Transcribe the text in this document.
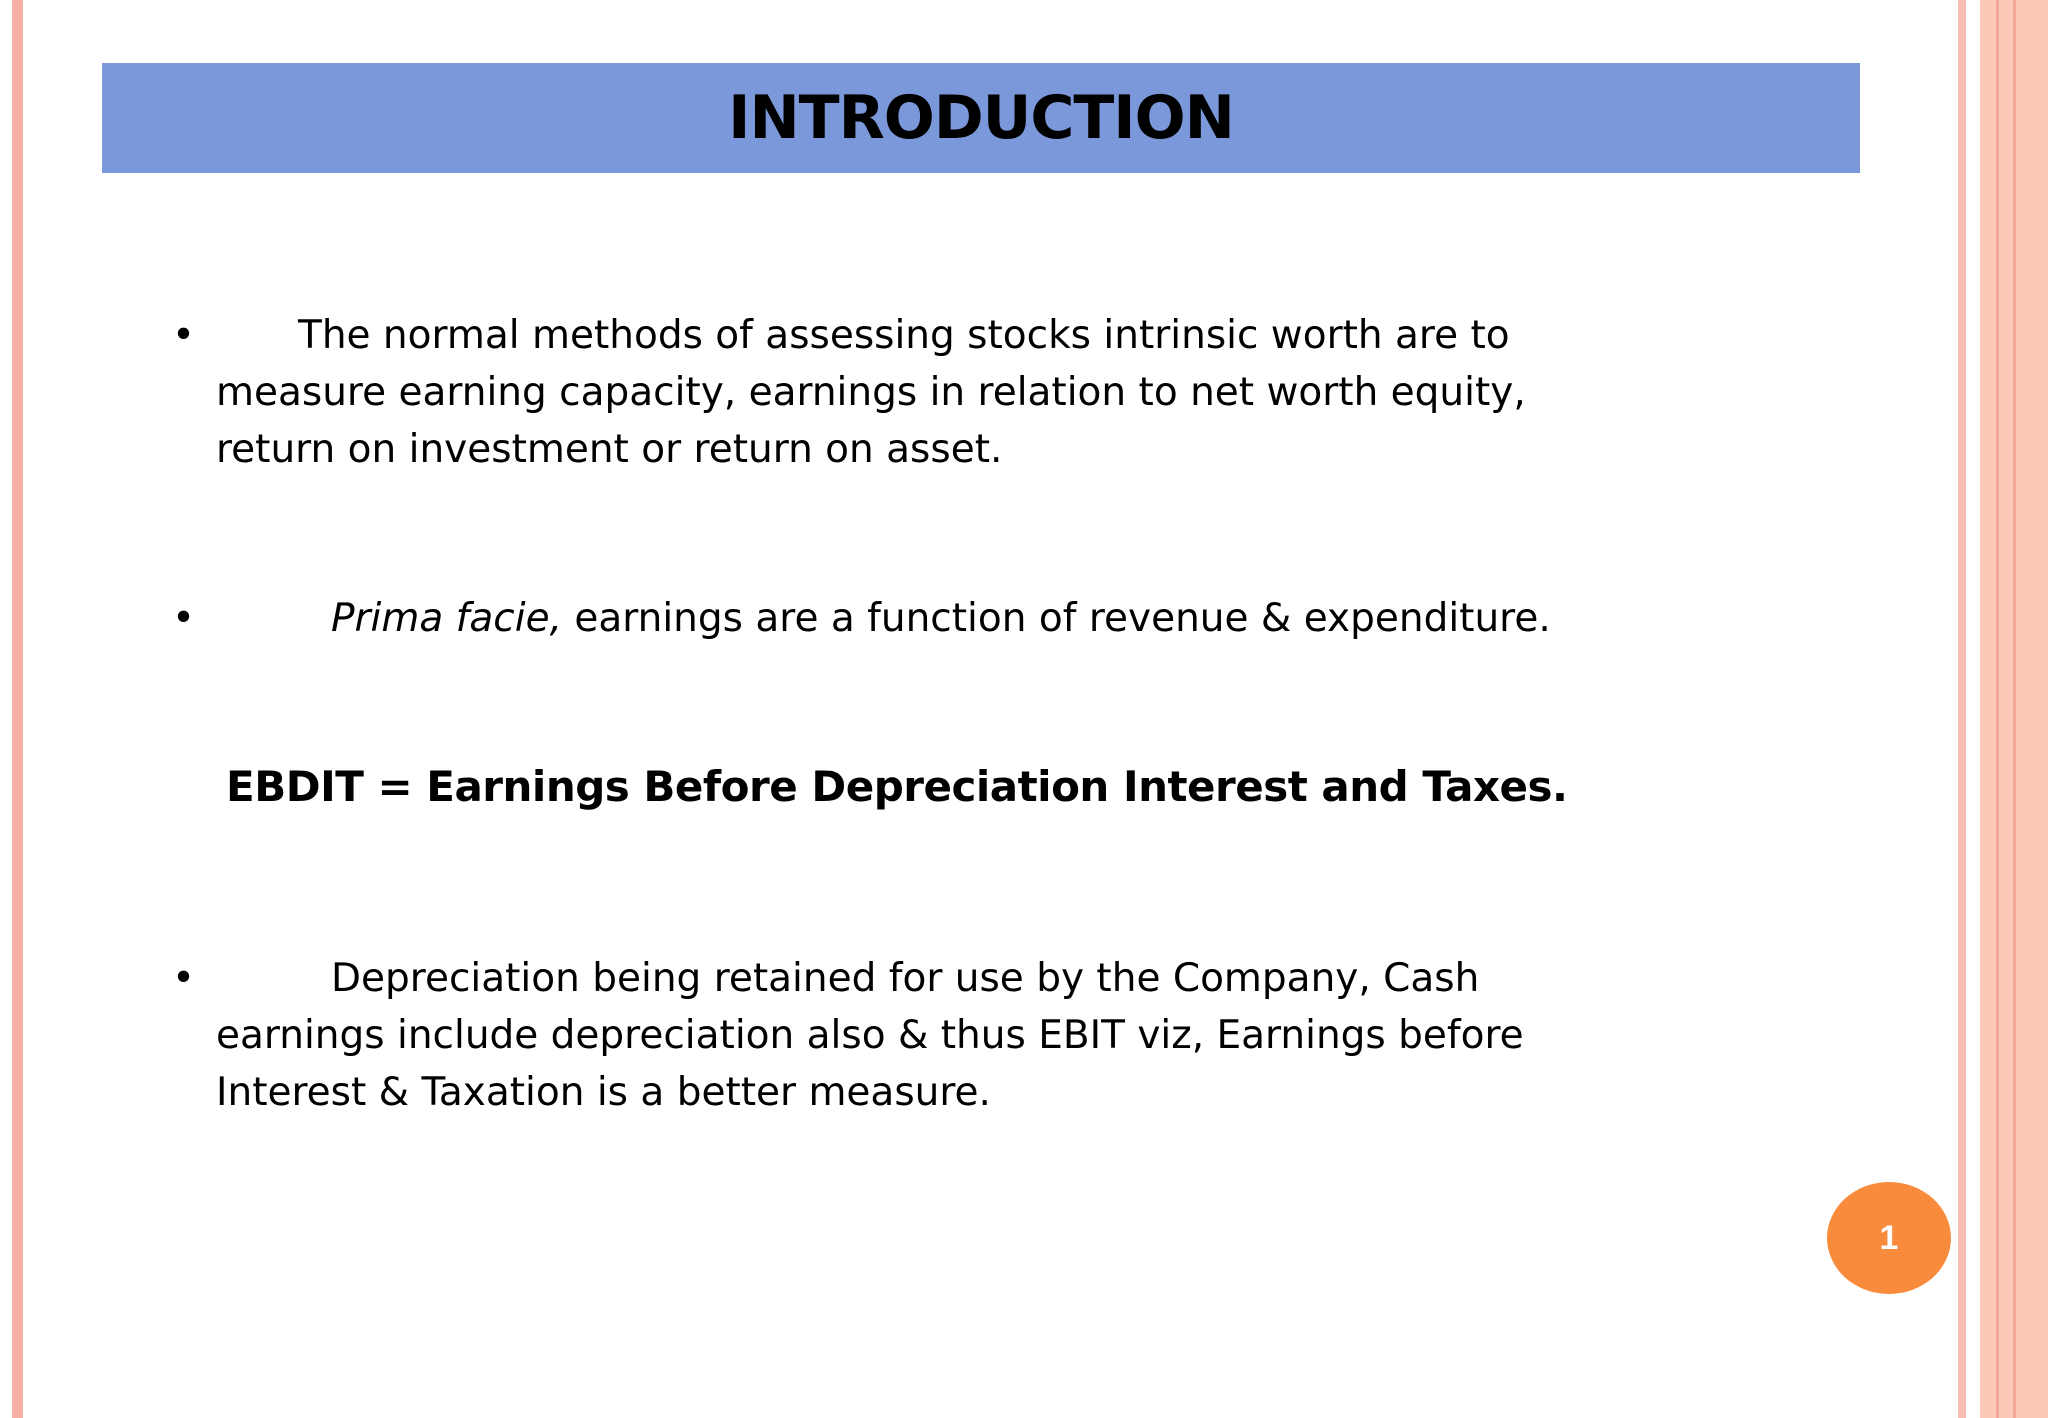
INTRODUCTION
•	The normal methods of assessing stocks intrinsic worth are to measure earning capacity, earnings in relation to net worth equity, return on investment or return on asset.
•	Prima facie, earnings are a function of revenue & expenditure.
EBDIT = Earnings Before Depreciation Interest and Taxes.
•	Depreciation being retained for use by the Company, Cash earnings include depreciation also & thus EBIT viz, Earnings before Interest & Taxation is a better measure.
1
